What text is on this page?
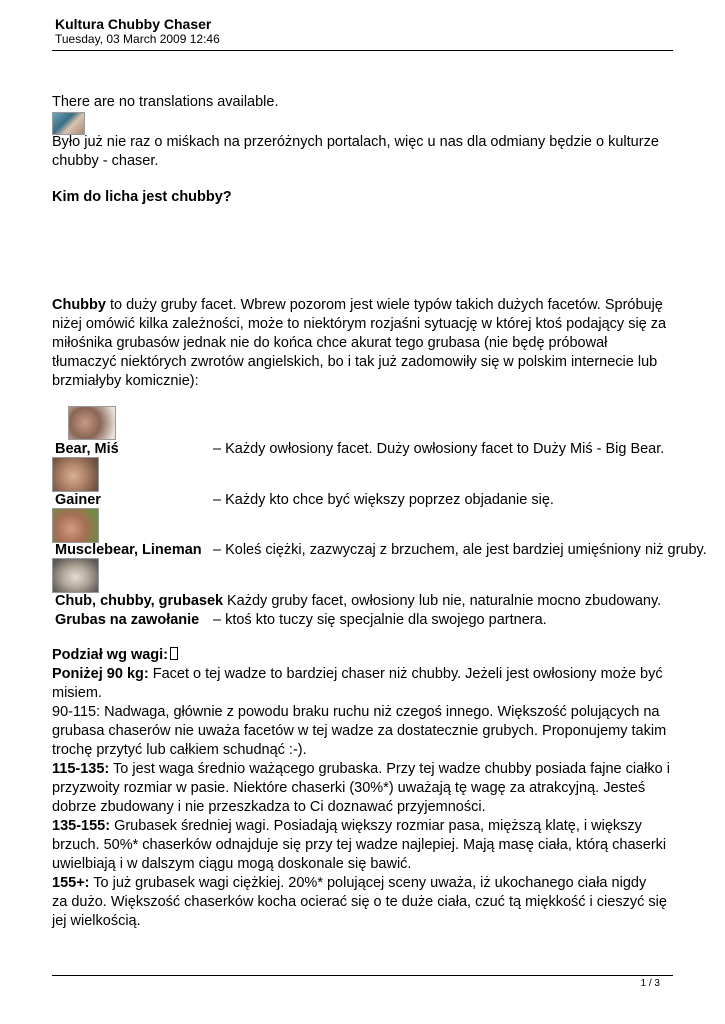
Kultura Chubby Chaser
Tuesday, 03 March 2009 12:46
There are no translations available.
Było już nie raz o miśkach na przeróżnych portalach, więc u nas dla odmiany będzie o kulturze
chubby - chaser.
Kim do licha jest chubby?
Chubby to duży gruby facet. Wbrew pozorom jest wiele typów takich dużych facetów. Spróbuję
niżej omówić kilka zależności, może to niektórym rozjaśni sytuację w której ktoś podający się za
miłośnika grubasów jednak nie do końca chce akurat tego grubasa (nie będę próbował
tłumaczyć niektórych zwrotów angielskich, bo i tak już zadomowiły się w polskim internecie lub
brzmiałyby komicznie):
Bear, Miś	– Każdy owłosiony facet. Duży owłosiony facet to Duży Miś - Big Bear.
Gainer	– Każdy kto chce być większy poprzez objadanie się.
Musclebear, Lineman – Koleś ciężki, zazwyczaj z brzuchem, ale jest bardziej umięśniony niż gruby.
Chub, chubby, grubasek Każdy gruby facet, owłosiony lub nie, naturalnie mocno zbudowany.
Grubas na zawołanie – ktoś kto tuczy się specjalnie dla swojego partnera.
Podział wg wagi:
Poniżej 90 kg: Facet o tej wadze to bardziej chaser niż chubby. Jeżeli jest owłosiony może być
misiem.
90-115: Nadwaga, głównie z powodu braku ruchu niż czegoś innego. Większość polujących na
grubasa chaserów nie uważa facetów w tej wadze za dostatecznie grubych. Proponujemy takim
trochę przytyć lub całkiem schudnąć :-).
115-135: To jest waga średnio ważącego grubaska. Przy tej wadze chubby posiada fajne ciałko i
przyzwoity rozmiar w pasie. Niektóre chaserki (30%*) uważają tę wagę za atrakcyjną. Jesteś
dobrze zbudowany i nie przeszkadza to Ci doznawać przyjemności.
135-155: Grubasek średniej wagi. Posiadają większy rozmiar pasa, mięższą klatę, i większy
brzuch. 50%* chaserków odnajduje się przy tej wadze najlepiej. Mają masę ciała, którą chaserki
uwielbiają i w dalszym ciągu mogą doskonale się bawić.
155+: To już grubasek wagi ciężkiej. 20%* polującej sceny uważa, iż ukochanego ciała nigdy
za dużo. Większość chaserków kocha ocierać się o te duże ciała, czuć tą miękkość i cieszyć się
jej wielkością.
1 / 3
